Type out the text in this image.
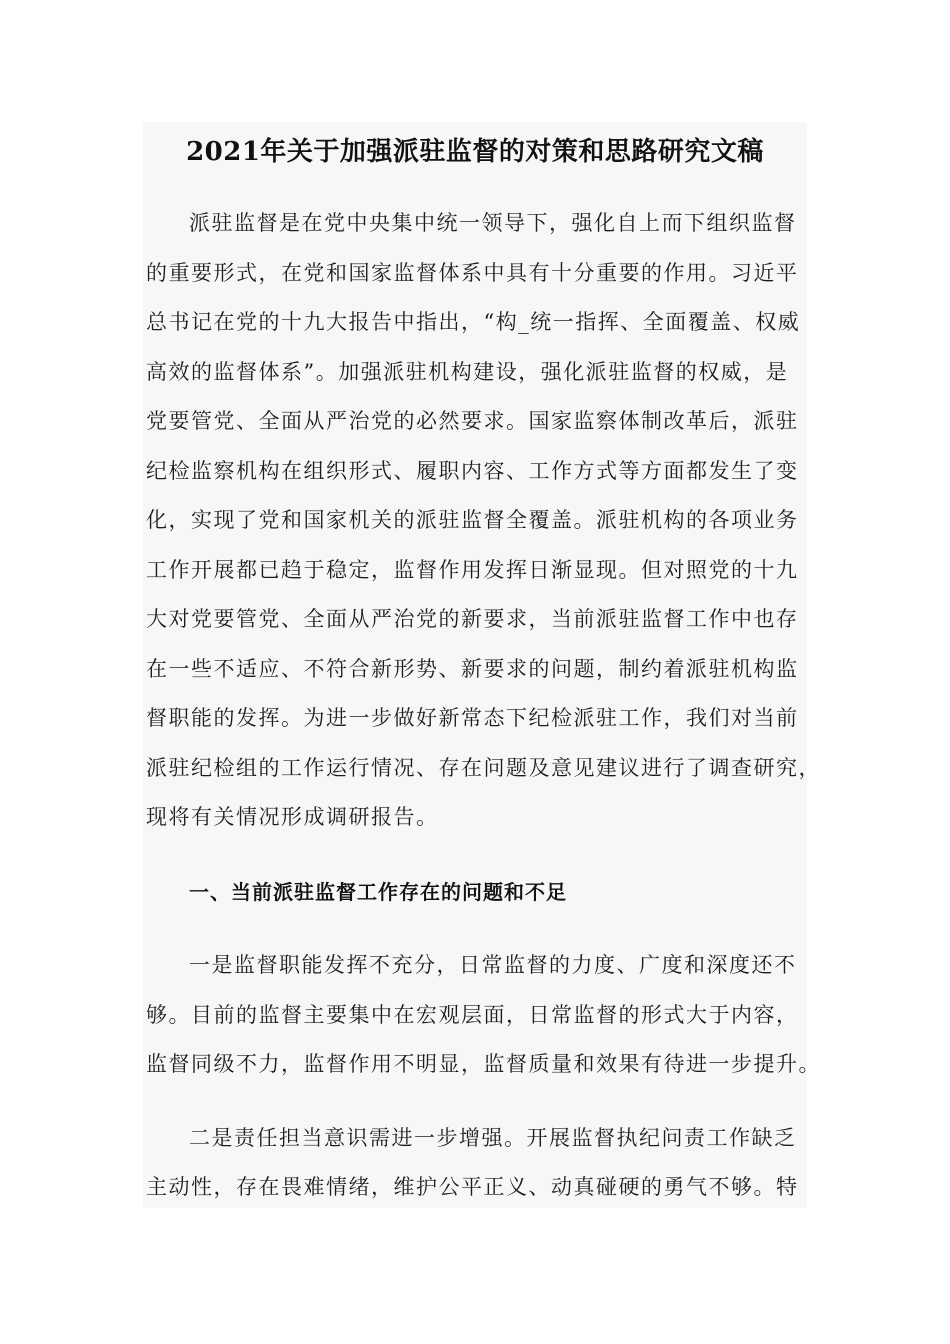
2021年关于加强派驻监督的对策和思路研究文稿
派驻监督是在党中央集中统一领导下，强化自上而下组织监督
的重要形式，在党和国家监督体系中具有十分重要的作用。习近平
总书记在党的十九大报告中指出，“构_统一指挥、全面覆盖、权威
高效的监督体系”。加强派驻机构建设，强化派驻监督的权威，是
党要管党、全面从严治党的必然要求。国家监察体制改革后，派驻
纪检监察机构在组织形式、履职内容、工作方式等方面都发生了变
化，实现了党和国家机关的派驻监督全覆盖。派驻机构的各项业务
工作开展都已趋于稳定，监督作用发挥日渐显现。但对照党的十九
大对党要管党、全面从严治党的新要求，当前派驻监督工作中也存
在一些不适应、不符合新形势、新要求的问题，制约着派驻机构监
督职能的发挥。为进一步做好新常态下纪检派驻工作，我们对当前
派驻纪检组的工作运行情况、存在问题及意见建议进行了调查研究，
现将有关情况形成调研报告。
一、当前派驻监督工作存在的问题和不足
一是监督职能发挥不充分，日常监督的力度、广度和深度还不
够。目前的监督主要集中在宏观层面，日常监督的形式大于内容，
监督同级不力，监督作用不明显，监督质量和效果有待进一步提升。
二是责任担当意识需进一步增强。开展监督执纪问责工作缺乏
主动性，存在畏难情绪，维护公平正义、动真碰硬的勇气不够。特
